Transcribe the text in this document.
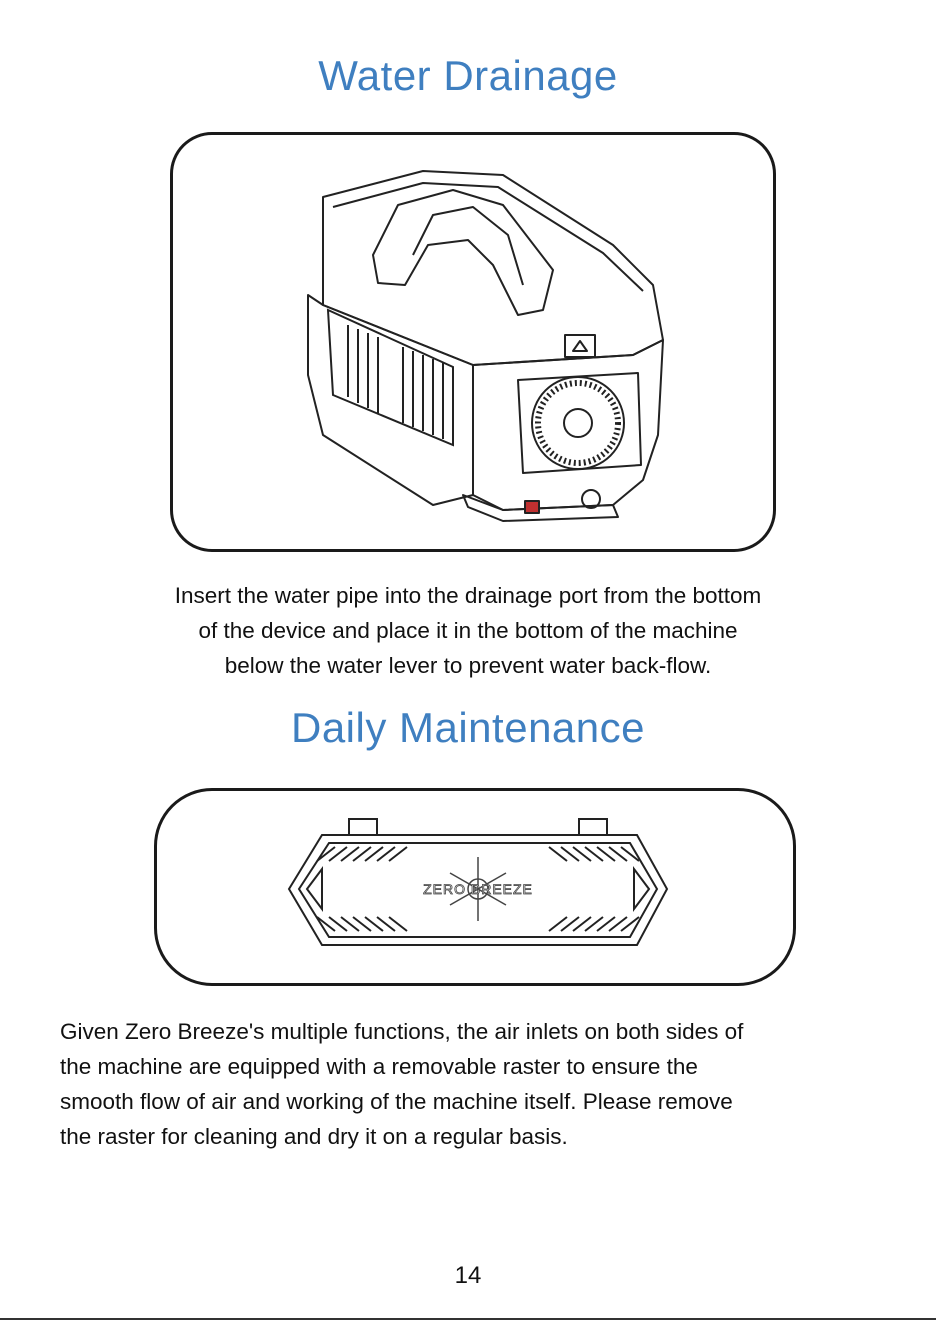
Water Drainage

Insert the water pipe into the drainage port from the bottom
of the device and place it in the bottom of the machine
below the water lever to prevent water back-flow.

Daily Maintenance
ZERO BREEZE

Given Zero Breeze's multiple functions, the air inlets on both sides of
the machine are equipped with a removable raster to ensure the
smooth flow of air and working of the machine itself. Please remove
the raster for cleaning and dry it on a regular basis.

14
